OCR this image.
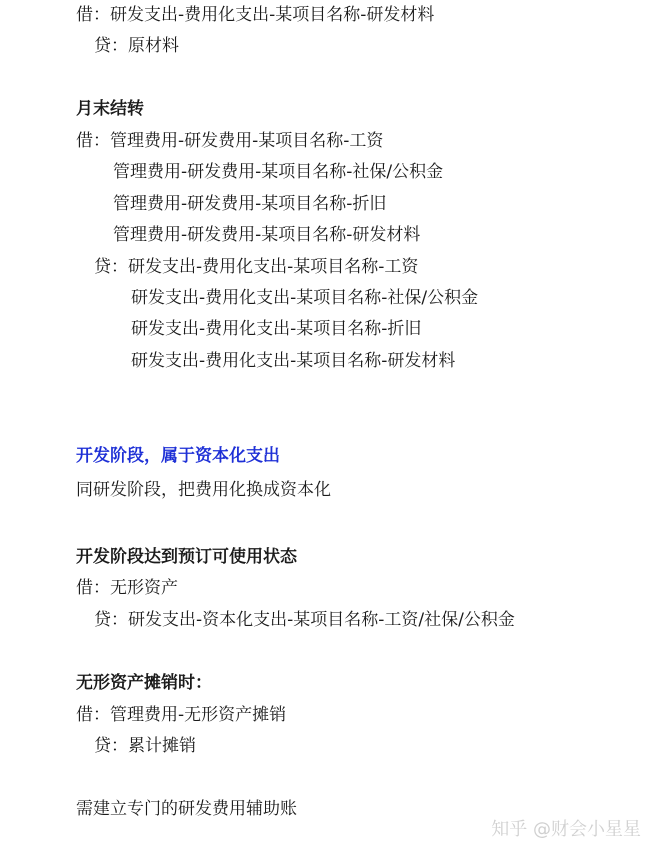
借：研发支出-费用化支出-某项目名称-研发材料
贷：原材料
月末结转
借：管理费用-研发费用-某项目名称-工资
管理费用-研发费用-某项目名称-社保/公积金
管理费用-研发费用-某项目名称-折旧
管理费用-研发费用-某项目名称-研发材料
贷：研发支出-费用化支出-某项目名称-工资
研发支出-费用化支出-某项目名称-社保/公积金
研发支出-费用化支出-某项目名称-折旧
研发支出-费用化支出-某项目名称-研发材料
开发阶段，属于资本化支出
同研发阶段，把费用化换成资本化
开发阶段达到预订可使用状态
借：无形资产
贷：研发支出-资本化支出-某项目名称-工资/社保/公积金
无形资产摊销时：
借：管理费用-无形资产摊销
贷：累计摊销
需建立专门的研发费用辅助账
知乎 @财会小星星
